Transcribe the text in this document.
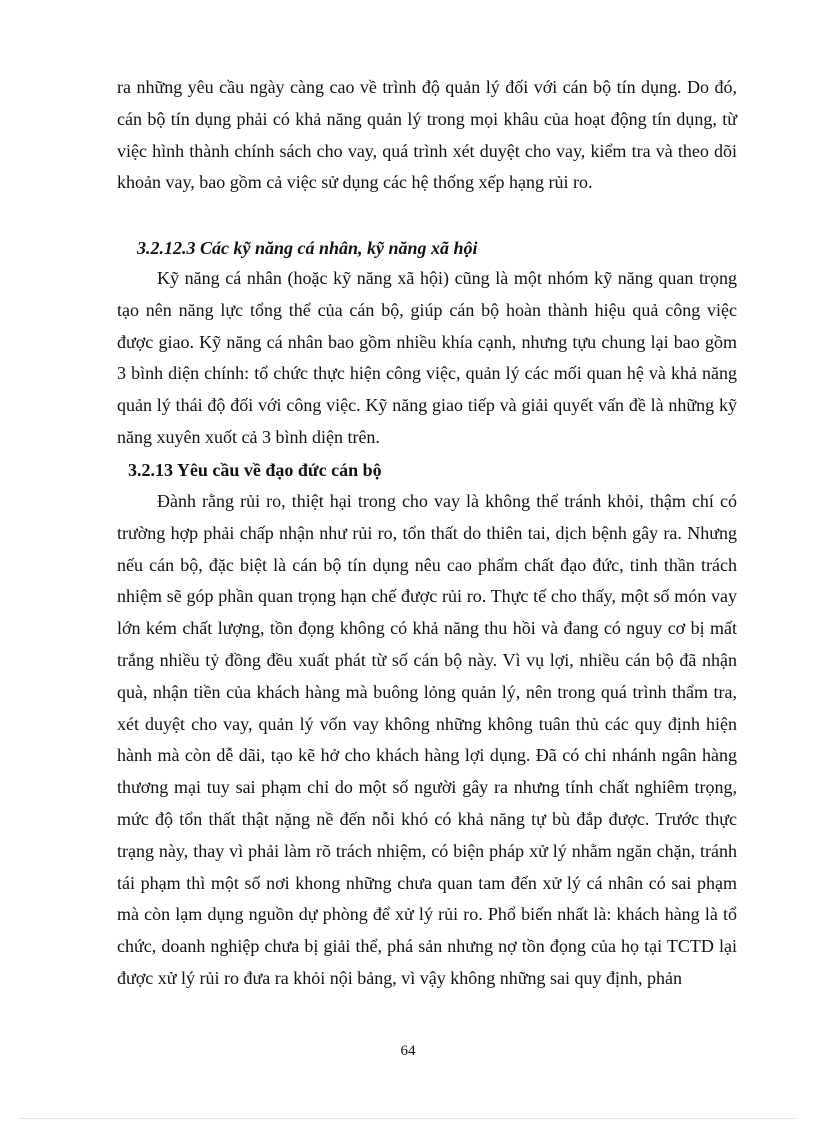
ra những yêu cầu ngày càng cao về trình độ quản lý đối với cán bộ tín dụng. Do đó, cán bộ tín dụng phải có khả năng quản lý trong mọi khâu của hoạt động tín dụng, từ việc hình thành chính sách cho vay, quá trình xét duyệt cho vay, kiểm tra và theo dõi khoản vay, bao gồm cả việc sử dụng các hệ thống xếp hạng rủi ro.

3.2.12.3 Các kỹ năng cá nhân, kỹ năng xã hội

Kỹ năng cá nhân (hoặc kỹ năng xã hội) cũng là một nhóm kỹ năng quan trọng tạo nên năng lực tổng thể của cán bộ, giúp cán bộ hoàn thành hiệu quả công việc được giao. Kỹ năng cá nhân bao gồm nhiều khía cạnh, nhưng tựu chung lại bao gồm 3 bình diện chính: tổ chức thực hiện công việc, quản lý các mối quan hệ và khả năng quản lý thái độ đối với công việc. Kỹ năng giao tiếp và giải quyết vấn đề là những kỹ năng xuyên xuốt cả 3 bình diện trên.

3.2.13 Yêu cầu về đạo đức cán bộ

Đành rằng rủi ro, thiệt hại trong cho vay là không thể tránh khỏi, thậm chí có trường hợp phải chấp nhận như rủi ro, tổn thất do thiên tai, dịch bệnh gây ra. Nhưng nếu cán bộ, đặc biệt là cán bộ tín dụng nêu cao phẩm chất đạo đức, tinh thần trách nhiệm sẽ góp phần quan trọng hạn chế được rủi ro. Thực tế cho thấy, một số món vay lớn kém chất lượng, tồn đọng không có khả năng thu hồi và đang có nguy cơ bị mất trắng nhiều tỷ đồng đều xuất phát từ số cán bộ này. Vì vụ lợi, nhiều cán bộ đã nhận quà, nhận tiền của khách hàng mà buông lỏng quản lý, nên trong quá trình thẩm tra, xét duyệt cho vay, quản lý vốn vay không những không tuân thủ các quy định hiện hành mà còn dễ dãi, tạo kẽ hở cho khách hàng lợi dụng. Đã có chi nhánh ngân hàng thương mại tuy sai phạm chỉ do một số người gây ra nhưng tính chất nghiêm trọng, mức độ tổn thất thật nặng nề đến nỗi khó có khả năng tự bù đắp được. Trước thực trạng này, thay vì phải làm rõ trách nhiệm, có biện pháp xử lý nhằm ngăn chặn, tránh tái phạm thì một số nơi khong những chưa quan tam đến xử lý cá nhân có sai phạm mà còn lạm dụng nguồn dự phòng để xử lý rủi ro. Phổ biến nhất là: khách hàng là tổ chức, doanh nghiệp chưa bị giải thể, phá sản nhưng nợ tồn đọng của họ tại TCTD lại được xử lý rủi ro đưa ra khỏi nội bảng, vì vậy không những sai quy định, phản

64
